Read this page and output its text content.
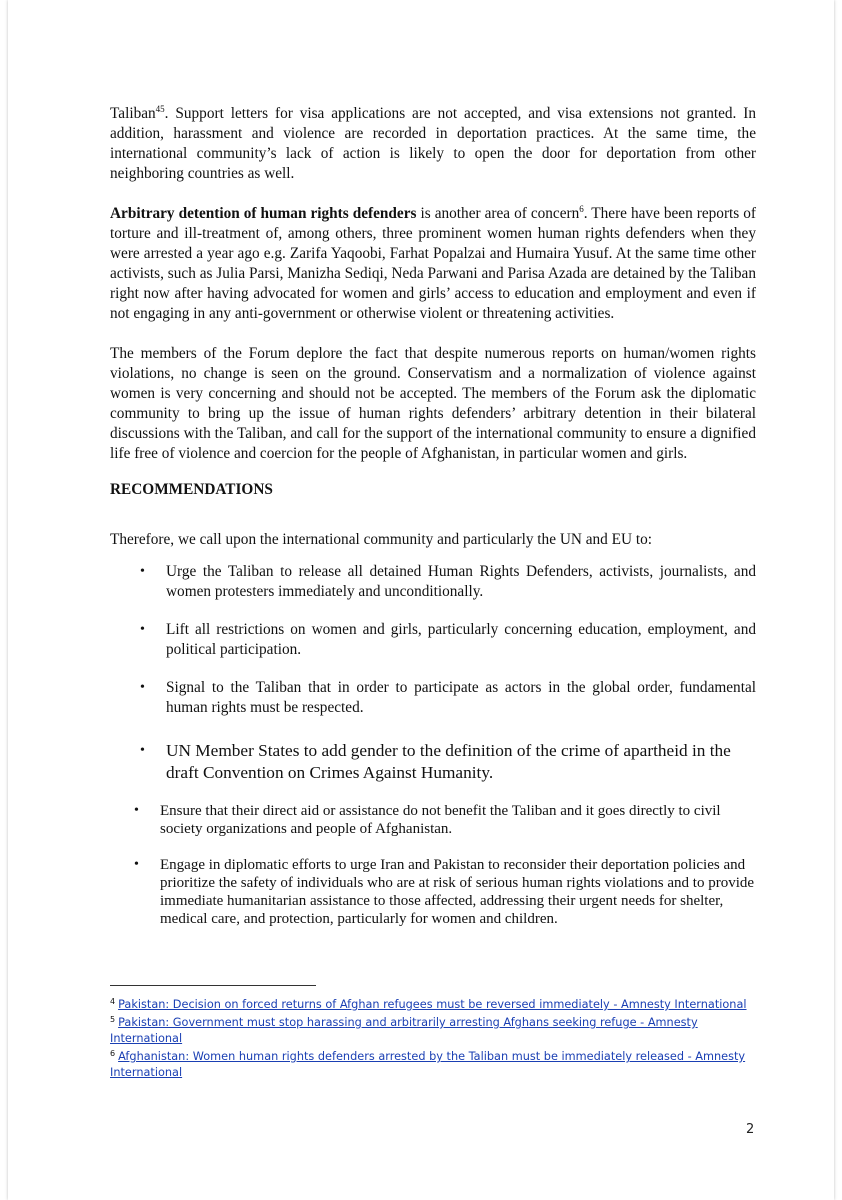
Taliban$^{45}$. Support letters for visa applications are not accepted, and visa extensions not granted. In addition, harassment and violence are recorded in deportation practices. At the same time, the international community’s lack of action is likely to open the door for deportation from other neighboring countries as well.

Arbitrary detention of human rights defenders is another area of concern$^6$. There have been reports of torture and ill-treatment of, among others, three prominent women human rights defenders when they were arrested a year ago e.g. Zarifa Yaqoobi, Farhat Popalzai and Humaira Yusuf. At the same time other activists, such as Julia Parsi, Manizha Sediqi, Neda Parwani and Parisa Azada are detained by the Taliban right now after having advocated for women and girls’ access to education and employment and even if not engaging in any anti-government or otherwise violent or threatening activities.

The members of the Forum deplore the fact that despite numerous reports on human/women rights violations, no change is seen on the ground. Conservatism and a normalization of violence against women is very concerning and should not be accepted. The members of the Forum ask the diplomatic community to bring up the issue of human rights defenders’ arbitrary detention in their bilateral discussions with the Taliban, and call for the support of the international community to ensure a dignified life free of violence and coercion for the people of Afghanistan, in particular women and girls.

RECOMMENDATIONS

Therefore, we call upon the international community and particularly the UN and EU to:

• Urge the Taliban to release all detained Human Rights Defenders, activists, journalists, and women protesters immediately and unconditionally.
• Lift all restrictions on women and girls, particularly concerning education, employment, and political participation.
• Signal to the Taliban that in order to participate as actors in the global order, fundamental human rights must be respected.
• UN Member States to add gender to the definition of the crime of apartheid in the draft Convention on Crimes Against Humanity.
• Ensure that their direct aid or assistance do not benefit the Taliban and it goes directly to civil society organizations and people of Afghanistan.
• Engage in diplomatic efforts to urge Iran and Pakistan to reconsider their deportation policies and prioritize the safety of individuals who are at risk of serious human rights violations and to provide immediate humanitarian assistance to those affected, addressing their urgent needs for shelter, medical care, and protection, particularly for women and children.

$^4$ Pakistan: Decision on forced returns of Afghan refugees must be reversed immediately - Amnesty International

$^5$ Pakistan: Government must stop harassing and arbitrarily arresting Afghans seeking refuge - Amnesty International

$^6$ Afghanistan: Women human rights defenders arrested by the Taliban must be immediately released - Amnesty International

2
